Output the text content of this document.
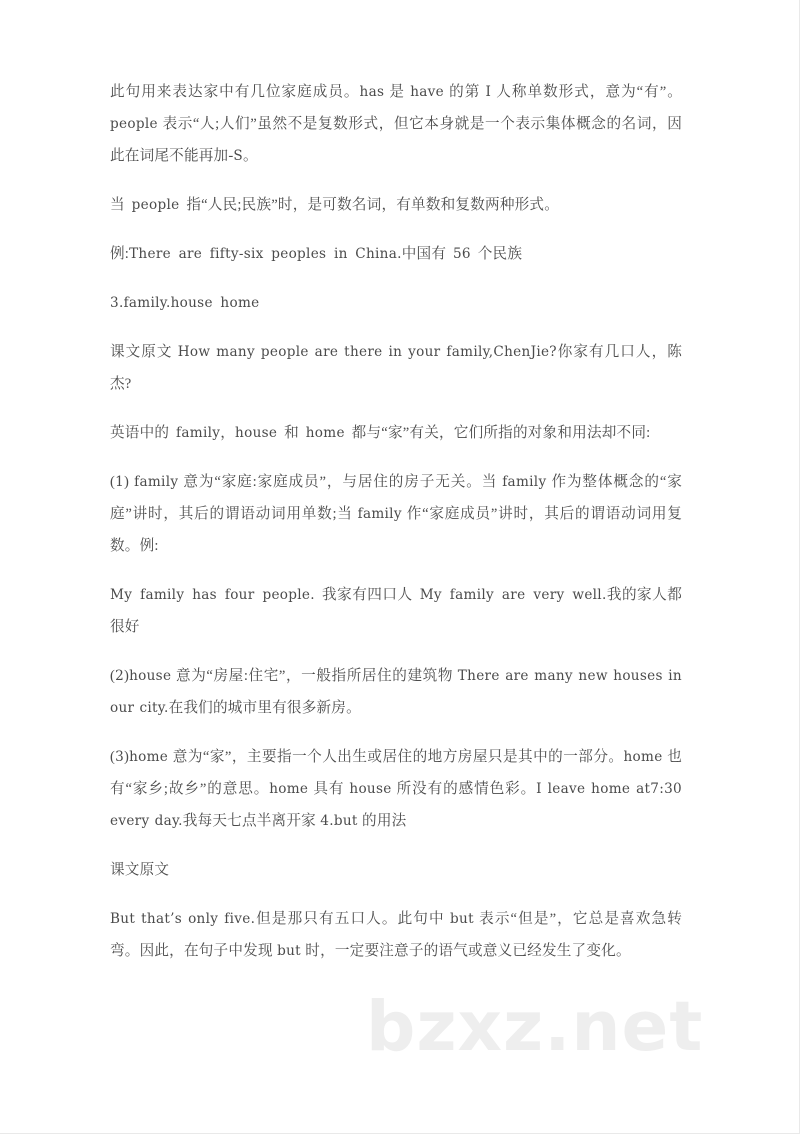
此句用来表达家中有几位家庭成员。has 是 have 的第 I 人称单数形式，意为“有”。people 表示“人;人们”虽然不是复数形式，但它本身就是一个表示集体概念的名词，因此在词尾不能再加-S。

当 people 指“人民;民族”时，是可数名词，有单数和复数两种形式。

例:There are fifty-six peoples in China.中国有 56 个民族

3.family.house home

课文原文 How many people are there in your family,ChenJie?你家有几口人，陈杰?

英语中的 family，house 和 home 都与“家”有关，它们所指的对象和用法却不同:

(1) family 意为“家庭:家庭成员”，与居住的房子无关。当 family 作为整体概念的“家庭”讲时，其后的谓语动词用单数;当 family 作“家庭成员”讲时，其后的谓语动词用复数。例:

My family has four people. 我家有四口人 My family are very well.我的家人都很好

(2)house 意为“房屋:住宅”，一般指所居住的建筑物 There are many new houses in our city.在我们的城市里有很多新房。

(3)home 意为“家”，主要指一个人出生或居住的地方房屋只是其中的一部分。home 也有“家乡;故乡”的意思。home 具有 house 所没有的感情色彩。I leave home at7:30 every day.我每天七点半离开家 4.but 的用法

课文原文

But that’s only five.但是那只有五口人。此句中 but 表示“但是”，它总是喜欢急转弯。因此，在句子中发现 but 时，一定要注意子的语气或意义已经发生了变化。

bzxz.net
